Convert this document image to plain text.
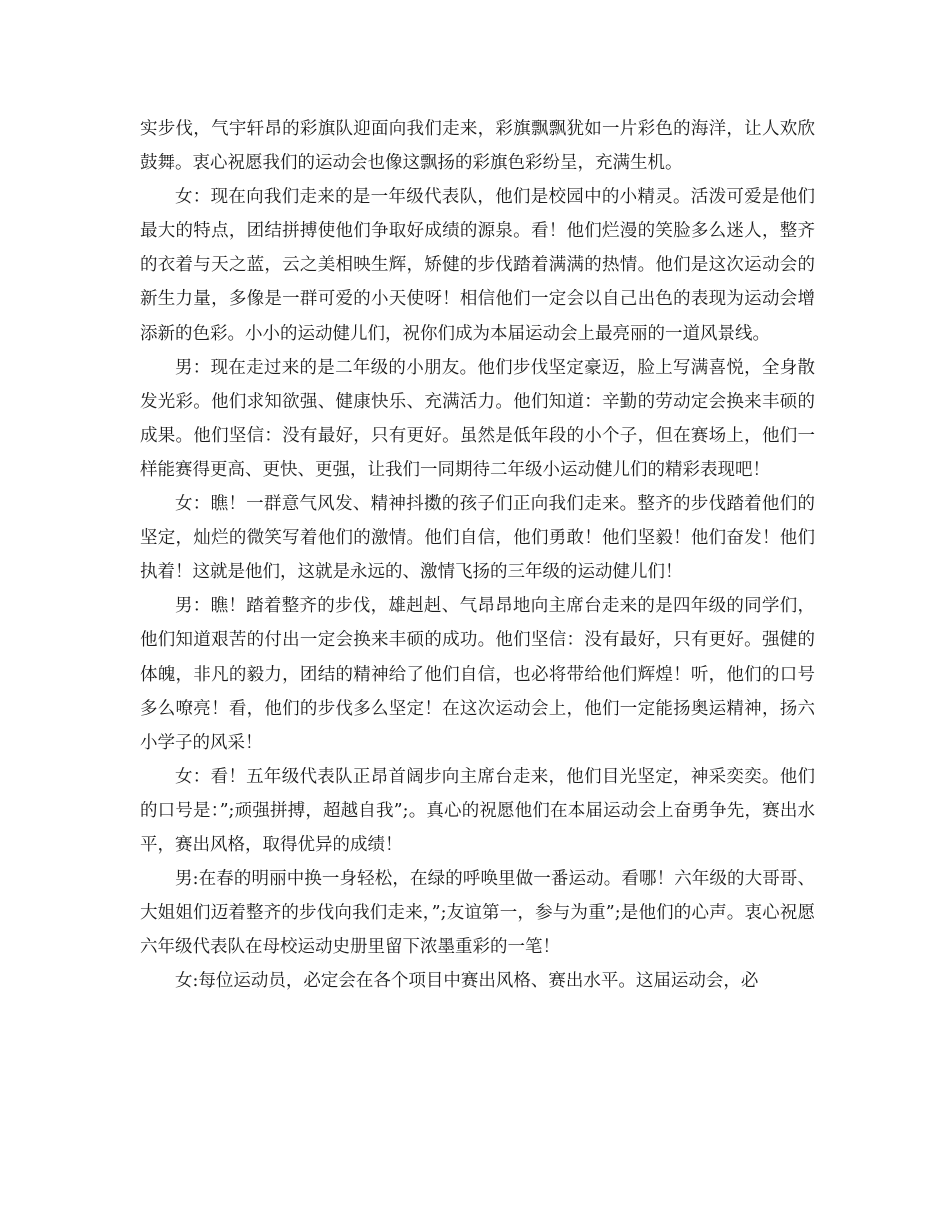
实步伐，气宇轩昂的彩旗队迎面向我们走来，彩旗飘飘犹如一片彩色的海洋，让人欢欣鼓舞。衷心祝愿我们的运动会也像这飘扬的彩旗色彩纷呈，充满生机。

女：现在向我们走来的是一年级代表队，他们是校园中的小精灵。活泼可爱是他们最大的特点，团结拼搏使他们争取好成绩的源泉。看！他们烂漫的笑脸多么迷人，整齐的衣着与天之蓝，云之美相映生辉，矫健的步伐踏着满满的热情。他们是这次运动会的新生力量，多像是一群可爱的小天使呀！相信他们一定会以自己出色的表现为运动会增添新的色彩。小小的运动健儿们，祝你们成为本届运动会上最亮丽的一道风景线。

男：现在走过来的是二年级的小朋友。他们步伐坚定豪迈，脸上写满喜悦，全身散发光彩。他们求知欲强、健康快乐、充满活力。他们知道：辛勤的劳动定会换来丰硕的成果。他们坚信：没有最好，只有更好。虽然是低年段的小个子，但在赛场上，他们一样能赛得更高、更快、更强，让我们一同期待二年级小运动健儿们的精彩表现吧！

女：瞧！一群意气风发、精神抖擞的孩子们正向我们走来。整齐的步伐踏着他们的坚定，灿烂的微笑写着他们的激情。他们自信，他们勇敢！他们坚毅！他们奋发！他们执着！这就是他们，这就是永远的、激情飞扬的三年级的运动健儿们！

男：瞧！踏着整齐的步伐，雄赳赳、气昂昂地向主席台走来的是四年级的同学们，他们知道艰苦的付出一定会换来丰硕的成功。他们坚信：没有最好，只有更好。强健的体魄，非凡的毅力，团结的精神给了他们自信，也必将带给他们辉煌！听，他们的口号多么嘹亮！看，他们的步伐多么坚定！在这次运动会上，他们一定能扬奥运精神，扬六小学子的风采！

女：看！五年级代表队正昂首阔步向主席台走来，他们目光坚定，神采奕奕。他们的口号是：”;顽强拼搏，超越自我”;。真心的祝愿他们在本届运动会上奋勇争先，赛出水平，赛出风格，取得优异的成绩！

男:在春的明丽中换一身轻松，在绿的呼唤里做一番运动。看哪！六年级的大哥哥、大姐姐们迈着整齐的步伐向我们走来，”;友谊第一，参与为重”;是他们的心声。衷心祝愿六年级代表队在母校运动史册里留下浓墨重彩的一笔！

女:每位运动员，必定会在各个项目中赛出风格、赛出水平。这届运动会，必
